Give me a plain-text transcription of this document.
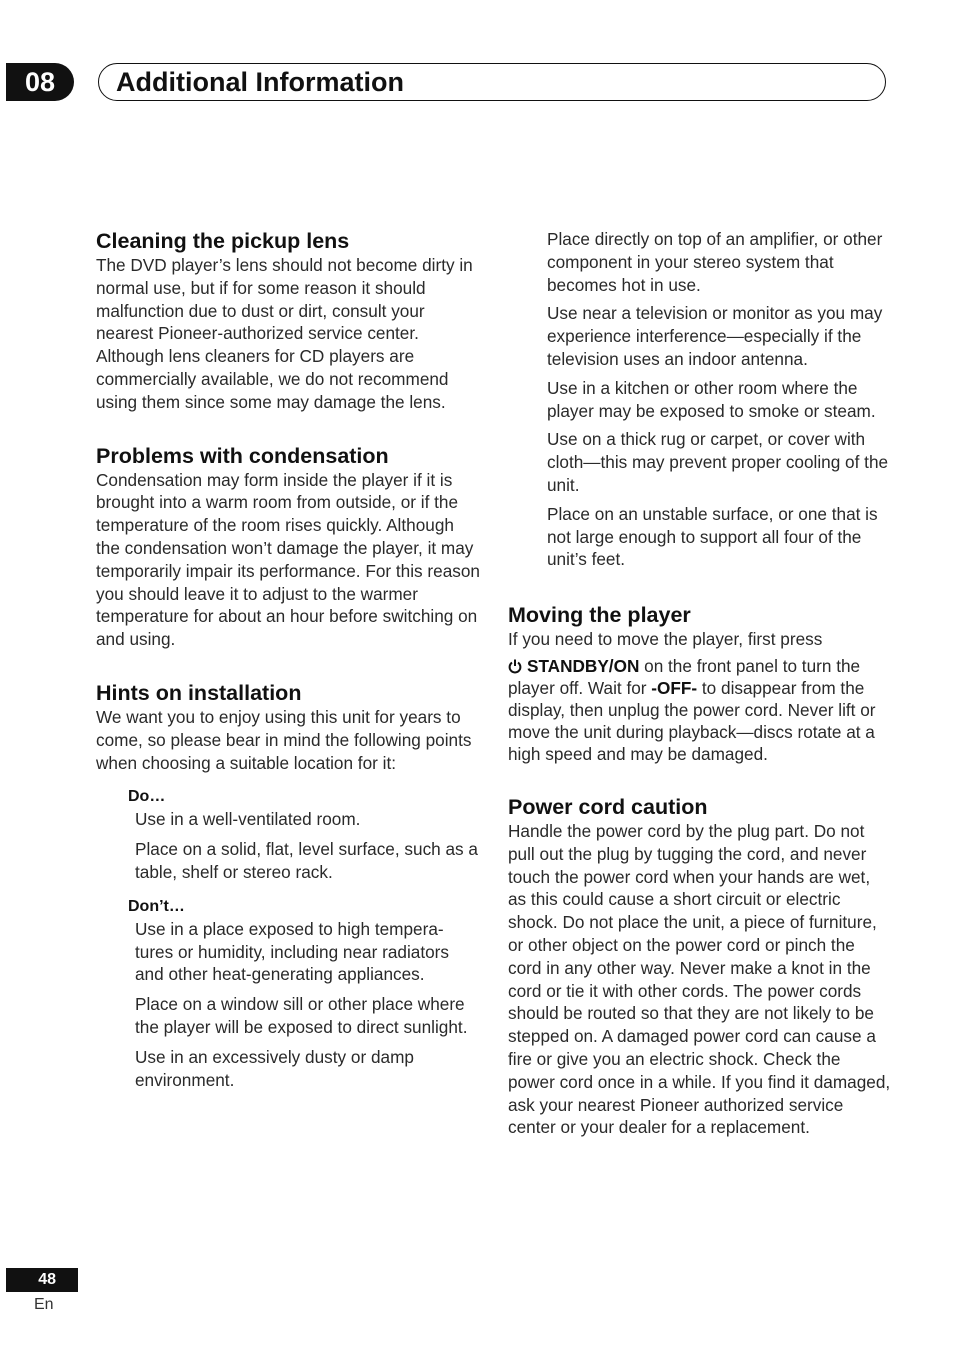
08	Additional Information
Cleaning the pickup lens

The DVD player’s lens should not become dirty in normal use, but if for some reason it should malfunction due to dust or dirt, consult your nearest Pioneer-authorized service center. Although lens cleaners for CD players are commercially available, we do not recommend using them since some may damage the lens.

Problems with condensation

Condensation may form inside the player if it is brought into a warm room from outside, or if the temperature of the room rises quickly. Although the condensation won’t damage the player, it may temporarily impair its performance. For this reason you should leave it to adjust to the warmer temperature for about an hour before switching on and using.

Hints on installation

We want you to enjoy using this unit for years to come, so please bear in mind the following points when choosing a suitable location for it:

Do…
Use in a well-ventilated room.
Place on a solid, flat, level surface, such as a table, shelf or stereo rack.
Don’t…
Use in a place exposed to high tempera-tures or humidity, including near radiators and other heat-generating appliances.
Place on a window sill or other place where the player will be exposed to direct sunlight.
Use in an excessively dusty or damp environment.
Place directly on top of an amplifier, or other component in your stereo system that becomes hot in use.
Use near a television or monitor as you may experience interference—especially if the television uses an indoor antenna.
Use in a kitchen or other room where the player may be exposed to smoke or steam.
Use on a thick rug or carpet, or cover with cloth—this may prevent proper cooling of the unit.
Place on an unstable surface, or one that is not large enough to support all four of the unit’s feet.
Moving the player

If you need to move the player, first press

STANDBY/ON on the front panel to turn the player off. Wait for -OFF- to disappear from the display, then unplug the power cord. Never lift or move the unit during playback—discs rotate at a high speed and may be damaged.

Power cord caution

Handle the power cord by the plug part. Do not pull out the plug by tugging the cord, and never touch the power cord when your hands are wet, as this could cause a short circuit or electric shock. Do not place the unit, a piece of furniture, or other object on the power cord or pinch the cord in any other way. Never make a knot in the cord or tie it with other cords. The power cords should be routed so that they are not likely to be stepped on. A damaged power cord can cause a fire or give you an electric shock. Check the power cord once in a while. If you find it damaged, ask your nearest Pioneer authorized service center or your dealer for a replacement.

48
En
